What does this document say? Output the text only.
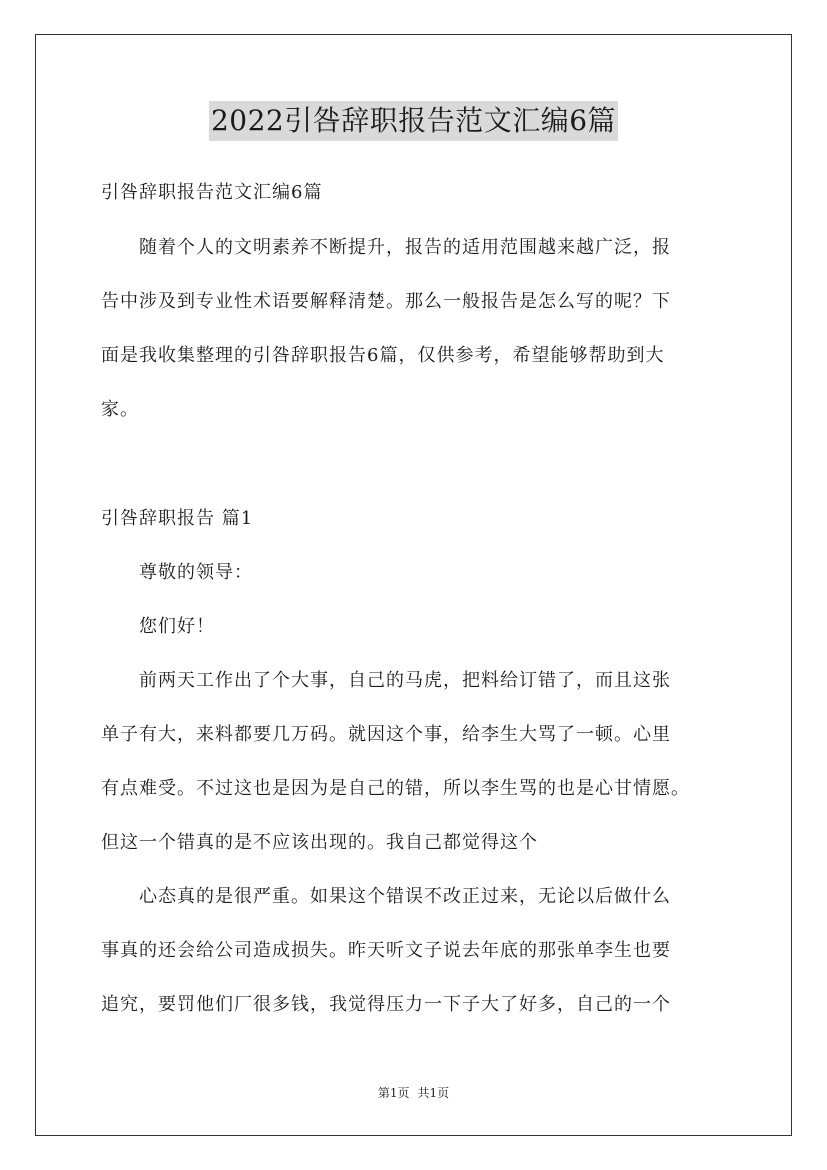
2022引咎辞职报告范文汇编6篇
引咎辞职报告范文汇编6篇
　　随着个人的文明素养不断提升，报告的适用范围越来越广泛，报
告中涉及到专业性术语要解释清楚。那么一般报告是怎么写的呢？下
面是我收集整理的引咎辞职报告6篇，仅供参考，希望能够帮助到大
家。
引咎辞职报告 篇1
　　尊敬的领导：
　　您们好！
　　前两天工作出了个大事，自己的马虎，把料给订错了，而且这张
单子有大，来料都要几万码。就因这个事，给李生大骂了一顿。心里
有点难受。不过这也是因为是自己的错，所以李生骂的也是心甘情愿。
但这一个错真的是不应该出现的。我自己都觉得这个
　　心态真的是很严重。如果这个错误不改正过来，无论以后做什么
事真的还会给公司造成损失。昨天听文子说去年底的那张单李生也要
追究，要罚他们厂很多钱，我觉得压力一下子大了好多，自己的一个
第1页 共1页
